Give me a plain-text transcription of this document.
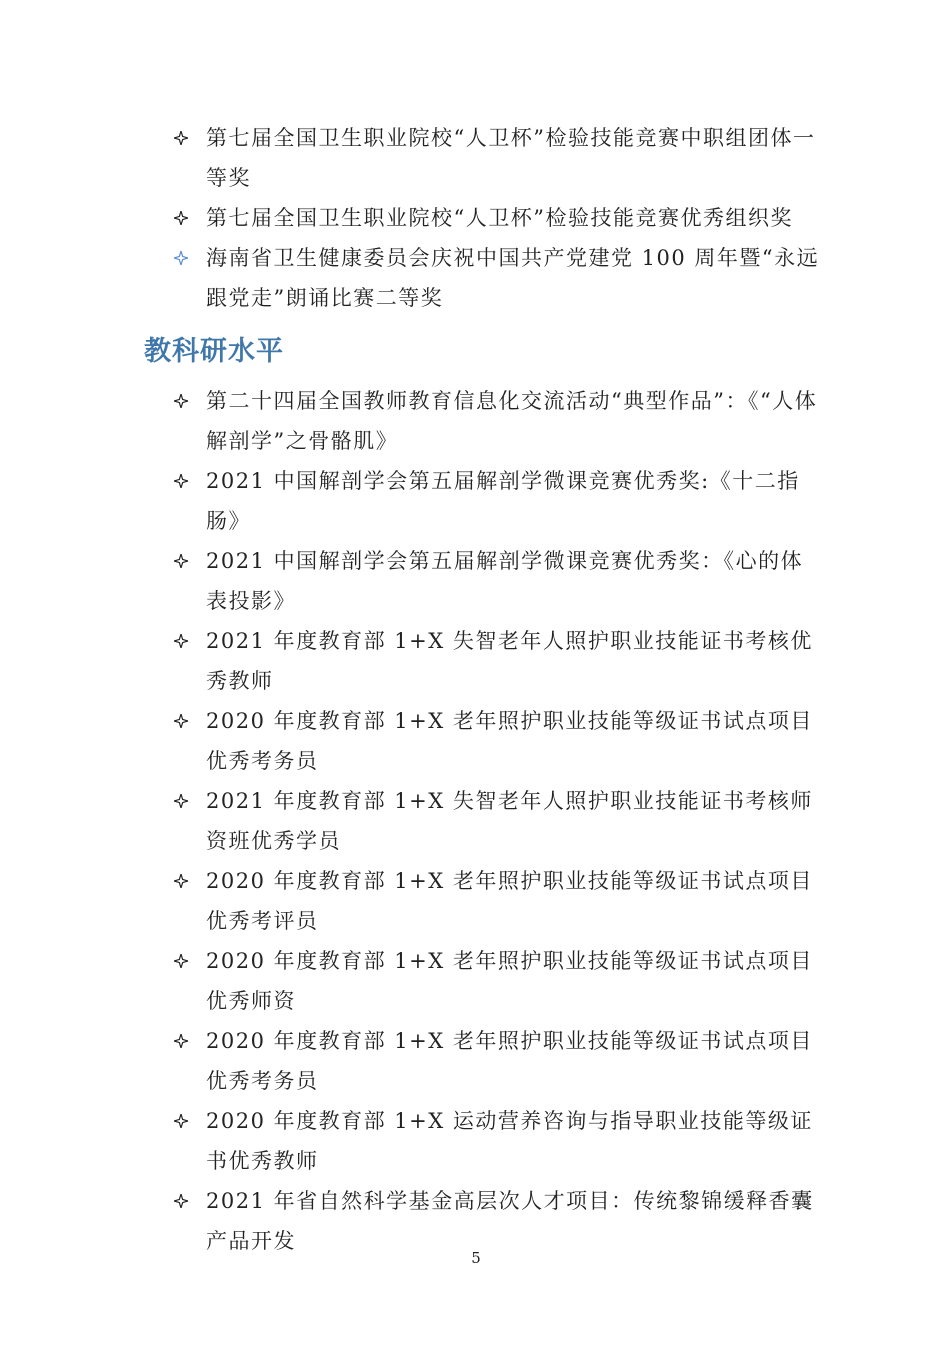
第七届全国卫生职业院校“人卫杯”检验技能竞赛中职组团体一等奖
第七届全国卫生职业院校“人卫杯”检验技能竞赛优秀组织奖
海南省卫生健康委员会庆祝中国共产党建党 100 周年暨“永远跟党走”朗诵比赛二等奖
教科研水平
第二十四届全国教师教育信息化交流活动“典型作品”：《“人体解剖学”之骨骼肌》
2021 中国解剖学会第五届解剖学微课竞赛优秀奖:《十二指肠》
2021 中国解剖学会第五届解剖学微课竞赛优秀奖：《心的体表投影》
2021 年度教育部 1+X 失智老年人照护职业技能证书考核优秀教师
2020 年度教育部 1+X 老年照护职业技能等级证书试点项目优秀考务员
2021 年度教育部 1+X 失智老年人照护职业技能证书考核师资班优秀学员
2020 年度教育部 1+X 老年照护职业技能等级证书试点项目优秀考评员
2020 年度教育部 1+X 老年照护职业技能等级证书试点项目优秀师资
2020 年度教育部 1+X 老年照护职业技能等级证书试点项目优秀考务员
2020 年度教育部 1+X 运动营养咨询与指导职业技能等级证书优秀教师
2021 年省自然科学基金高层次人才项目：传统黎锦缓释香囊产品开发
5
